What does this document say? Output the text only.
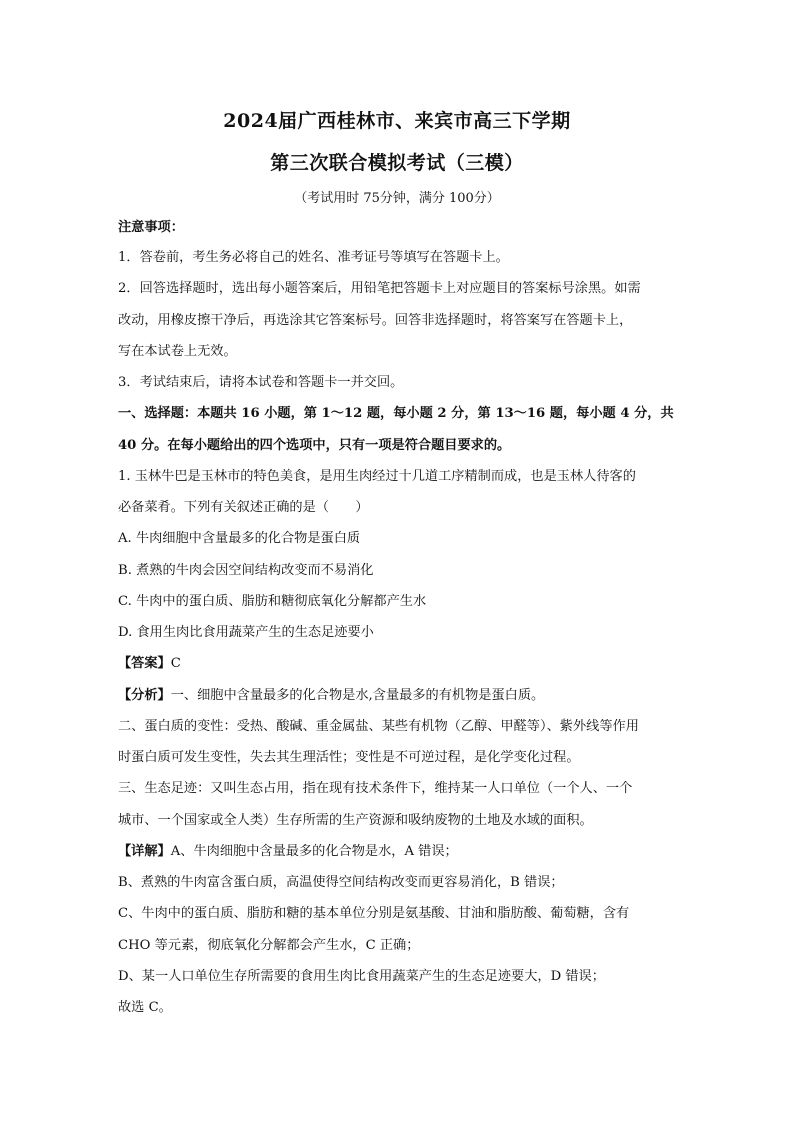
2024届广西桂林市、来宾市高三下学期
第三次联合模拟考试（三模）
（考试用时 75分钟，满分 100分）
注意事项：
1．答卷前，考生务必将自己的姓名、准考证号等填写在答题卡上。
2．回答选择题时，选出每小题答案后，用铅笔把答题卡上对应题目的答案标号涂黑。如需
改动，用橡皮擦干净后，再选涂其它答案标号。回答非选择题时，将答案写在答题卡上，
写在本试卷上无效。
3．考试结束后，请将本试卷和答题卡一并交回。
一、选择题：本题共 16 小题，第 1～12 题，每小题 2 分，第 13～16 题，每小题 4 分，共
40 分。在每小题给出的四个选项中，只有一项是符合题目要求的。
1. 玉林牛巴是玉林市的特色美食，是用生肉经过十几道工序精制而成，也是玉林人待客的
必备菜肴。下列有关叙述正确的是（　　）
A. 牛肉细胞中含量最多的化合物是蛋白质
B. 煮熟的牛肉会因空间结构改变而不易消化
C. 牛肉中的蛋白质、脂肪和糖彻底氧化分解都产生水
D. 食用生肉比食用蔬菜产生的生态足迹要小
【答案】C
【分析】一、细胞中含量最多的化合物是水,含量最多的有机物是蛋白质。
二、蛋白质的变性：受热、酸碱、重金属盐、某些有机物（乙醇、甲醛等）、紫外线等作用
时蛋白质可发生变性，失去其生理活性；变性是不可逆过程，是化学变化过程。
三、生态足迹：又叫生态占用，指在现有技术条件下，维持某一人口单位（一个人、一个
城市、一个国家或全人类）生存所需的生产资源和吸纳废物的土地及水域的面积。
【详解】A、牛肉细胞中含量最多的化合物是水，A 错误；
B、煮熟的牛肉富含蛋白质，高温使得空间结构改变而更容易消化，B 错误；
C、牛肉中的蛋白质、脂肪和糖的基本单位分别是氨基酸、甘油和脂肪酸、葡萄糖，含有
CHO 等元素，彻底氧化分解都会产生水，C 正确；
D、某一人口单位生存所需要的食用生肉比食用蔬菜产生的生态足迹要大，D 错误；
故选 C。
